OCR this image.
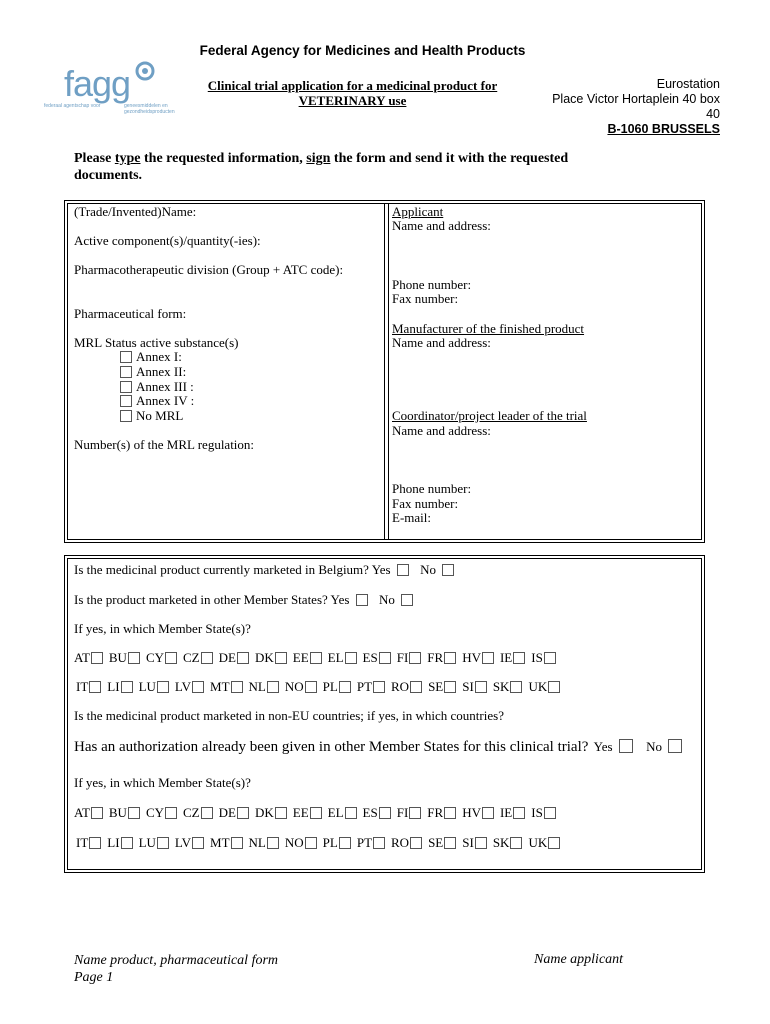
Federal Agency for Medicines and Health Products
fagg
federaal agentschap voor	geneesmiddelen en
gezondheidsproducten
Clinical trial application for a medicinal product for
VETERINARY use
Eurostation
Place Victor Hortaplein 40 box
40
B-1060 BRUSSELS
Please type the requested information, sign the form and send it with the requested
documents.
(Trade/Invented)Name:
Active component(s)/quantity(-ies):
Pharmacotherapeutic division (Group + ATC code):
Pharmaceutical form:
MRL Status active substance(s)
Annex I:
Annex II:
Annex III :
Annex IV :
No MRL
Number(s) of the MRL regulation:
Applicant
Name and address:
Phone number:
Fax number:
Manufacturer of the finished product
Name and address:
Coordinator/project leader of the trial
Name and address:
Phone number:
Fax number:
E-mail:
Is the medicinal product currently marketed in Belgium? Yes No
Is the product marketed in other Member States? Yes No
If yes, in which Member State(s)?
AT BU CY CZ DE DK EE EL ES FI FR HV IE IS
IT LI LU LV MT NL NO PL PT RO SE SI SK UK
Is the medicinal product marketed in non-EU countries; if yes, in which countries?
Has an authorization already been given in other Member States for this clinical trial? Yes	No
If yes, in which Member State(s)?
AT BU CY CZ DE DK EE EL ES FI FR HV IE IS
IT LI LU LV MT NL NO PL PT RO SE SI SK UK
Name product, pharmaceutical form
Page 1
Name applicant
